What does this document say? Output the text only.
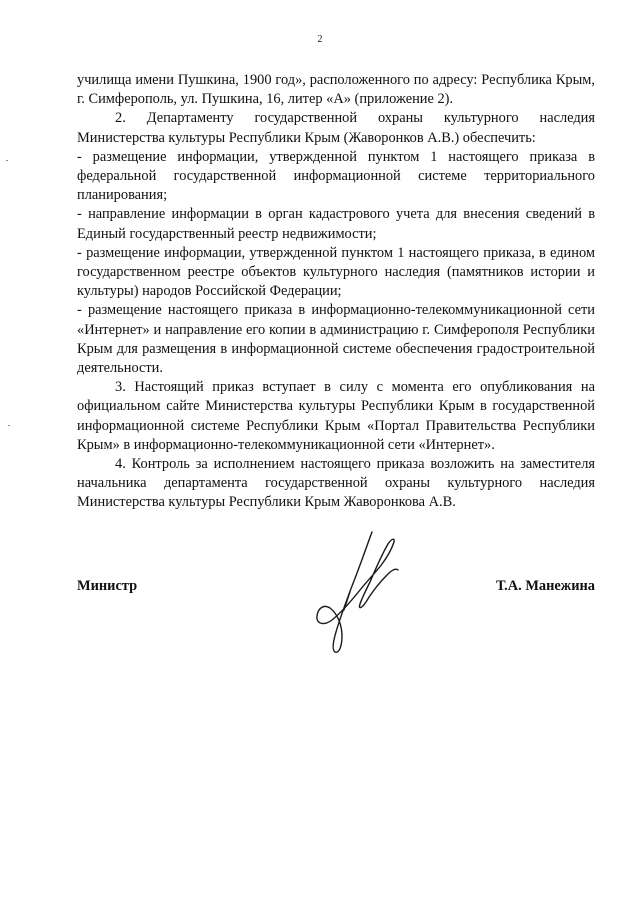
2

училища имени Пушкина, 1900 год», расположенного по адресу: Республика Крым, г. Симферополь, ул. Пушкина, 16, литер «А» (приложение 2).

2. Департаменту государственной охраны культурного наследия Министерства культуры Республики Крым (Жаворонков А.В.) обеспечить:

- размещение информации, утвержденной пунктом 1 настоящего приказа в федеральной государственной информационной системе территориального планирования;

- направление информации в орган кадастрового учета для внесения сведений в Единый государственный реестр недвижимости;

- размещение информации, утвержденной пунктом 1 настоящего приказа, в едином государственном реестре объектов культурного наследия (памятников истории и культуры) народов Российской Федерации;

- размещение настоящего приказа в информационно-телекоммуникационной сети «Интернет» и направление его копии в администрацию г. Симферополя Республики Крым для размещения в информационной системе обеспечения градостроительной деятельности.

3. Настоящий приказ вступает в силу с момента его опубликования на официальном сайте Министерства культуры Республики Крым в государственной информационной системе Республики Крым «Портал Правительства Республики Крым» в информационно-телекоммуникационной сети «Интернет».

4. Контроль за исполнением настоящего приказа возложить на заместителя начальника департамента государственной охраны культурного наследия Министерства культуры Республики Крым Жаворонкова А.В.

Министр	Т.А. Манежина
